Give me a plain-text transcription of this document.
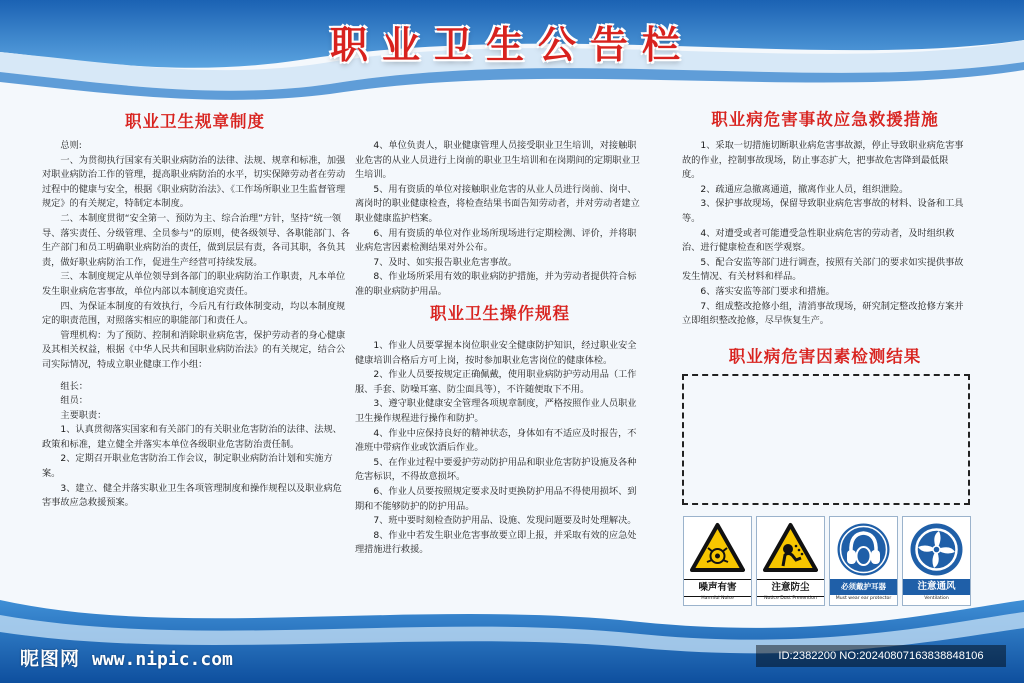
职业卫生公告栏
职业卫生规章制度

总则:

一、为贯彻执行国家有关职业病防治的法律、法规、规章和标准，加强对职业病防治工作的管理，提高职业病防治的水平，切实保障劳动者在劳动过程中的健康与安全，根据《职业病防治法》、《工作场所职业卫生监督管理规定》的有关规定，特制定本制度。

二、本制度贯彻“安全第一、预防为主、综合治理”方针，坚持“统一领导、落实责任、分级管理、全员参与”的原则，使各级领导、各职能部门、各生产部门和员工明确职业病防治的责任，做到层层有责，各司其职，各负其责，做好职业病防治工作，促进生产经营可持续发展。

三、本制度规定从单位领导到各部门的职业病防治工作职责，凡本单位发生职业病危害事故，单位内部以本制度追究责任。

四、为保证本制度的有效执行，今后凡有行政体制变动，均以本制度规定的职责范围，对照落实相应的职能部门和责任人。

管理机构：为了预防、控制和消除职业病危害，保护劳动者的身心健康及其相关权益，根据《中华人民共和国职业病防治法》的有关规定，结合公司实际情况，特成立职业健康工作小组：

组长：

组员：

主要职责：

1、认真贯彻落实国家和有关部门的有关职业危害防治的法律、法规、政策和标准，建立健全并落实本单位各级职业危害防治责任制。

2、定期召开职业危害防治工作会议，制定职业病防治计划和实施方案。

3、建立、健全并落实职业卫生各项管理制度和操作规程以及职业病危害事故应急救援预案。

4、单位负责人，职业健康管理人员接受职业卫生培训，对接触职业危害的从业人员进行上岗前的职业卫生培训和在岗期间的定期职业卫生培训。

5、用有资质的单位对接触职业危害的从业人员进行岗前、岗中、离岗时的职业健康检查，将检查结果书面告知劳动者，并对劳动者建立职业健康监护档案。

6、用有资质的单位对作业场所现场进行定期检测、评价，并将职业病危害因素检测结果对外公布。

7、及时、如实报告职业危害事故。

8、作业场所采用有效的职业病防护措施，并为劳动者提供符合标准的职业病防护用品。

职业卫生操作规程

1、作业人员要掌握本岗位职业安全健康防护知识，经过职业安全健康培训合格后方可上岗，按时参加职业危害岗位的健康体检。

2、作业人员要按规定正确佩戴，使用职业病防护劳动用品（工作服、手套、防噪耳塞、防尘面具等），不许随便取下不用。

3、遵守职业健康安全管理各项规章制度，严格按照作业人员职业卫生操作规程进行操作和防护。

4、作业中应保持良好的精神状态，身体如有不适应及时报告，不准班中带病作业或饮酒后作业。

5、在作业过程中要爱护劳动防护用品和职业危害防护设施及各种危害标识，不得故意损坏。

6、作业人员要按照规定要求及时更换防护用品不得使用损坏、到期和不能够防护的防护用品。

7、班中要时刻检查防护用品、设施、发现问题要及时处理解决。

8、作业中若发生职业危害事故要立即上报，并采取有效的应急处理措施进行救援。

职业病危害事故应急救援措施

1、采取一切措施切断职业病危害事故源，停止导致职业病危害事故的作业，控制事故现场，防止事态扩大，把事故危害降到最低限度。

2、疏通应急撤离通道，撤离作业人员，组织泄险。

3、保护事故现场，保留导致职业病危害事故的材料、设备和工具等。

4、对遭受或者可能遭受急性职业病危害的劳动者，及时组织救治、进行健康检查和医学观察。

5、配合安监等部门进行调查，按照有关部门的要求如实提供事故发生情况、有关材料和样品。

6、落实安监等部门要求和措施。

7、组成整改抢修小组，清消事故现场，研究制定整改抢修方案并立即组织整改抢修，尽早恢复生产。

职业病危害因素检测结果
噪声有害
Harmful Noise
注意防尘
Notice Dust Prevention
必须戴护耳器
Must wear ear protector
注意通风
Ventilation
昵图网 www.nipic.com	ID:2382200 NO:20240807163838848106
